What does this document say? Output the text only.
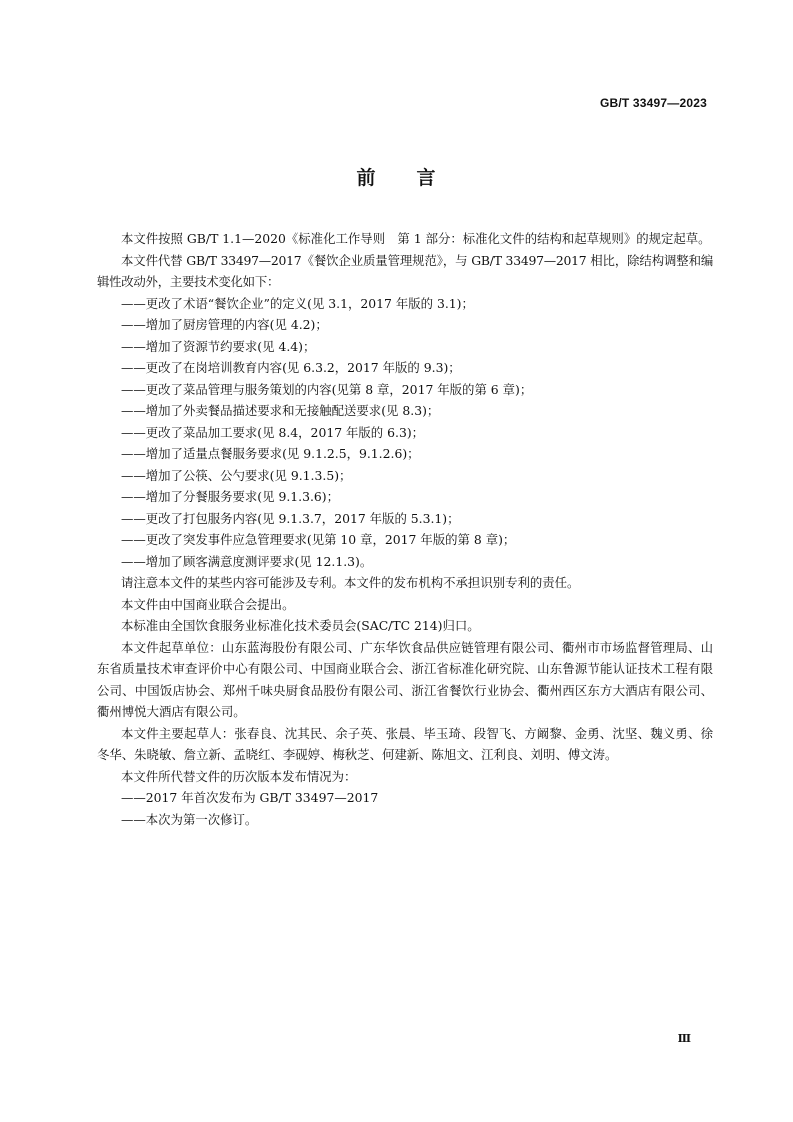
GB/T 33497—2023
前 言

本文件按照 GB/T 1.1—2020《标准化工作导则　第 1 部分：标准化文件的结构和起草规则》的规定起草。

本文件代替 GB/T 33497—2017《餐饮企业质量管理规范》，与 GB/T 33497—2017 相比，除结构调整和编辑性改动外，主要技术变化如下：

——更改了术语“餐饮企业”的定义(见 3.1，2017 年版的 3.1)；

——增加了厨房管理的内容(见 4.2)；

——增加了资源节约要求(见 4.4)；

——更改了在岗培训教育内容(见 6.3.2，2017 年版的 9.3)；

——更改了菜品管理与服务策划的内容(见第 8 章，2017 年版的第 6 章)；

——增加了外卖餐品描述要求和无接触配送要求(见 8.3)；

——更改了菜品加工要求(见 8.4，2017 年版的 6.3)；

——增加了适量点餐服务要求(见 9.1.2.5，9.1.2.6)；

——增加了公筷、公勺要求(见 9.1.3.5)；

——增加了分餐服务要求(见 9.1.3.6)；

——更改了打包服务内容(见 9.1.3.7，2017 年版的 5.3.1)；

——更改了突发事件应急管理要求(见第 10 章，2017 年版的第 8 章)；

——增加了顾客满意度测评要求(见 12.1.3)。

请注意本文件的某些内容可能涉及专利。本文件的发布机构不承担识别专利的责任。

本文件由中国商业联合会提出。

本标准由全国饮食服务业标准化技术委员会(SAC/TC 214)归口。

本文件起草单位：山东蓝海股份有限公司、广东华饮食品供应链管理有限公司、衢州市市场监督管理局、山东省质量技术审查评价中心有限公司、中国商业联合会、浙江省标准化研究院、山东鲁源节能认证技术工程有限公司、中国饭店协会、郑州千味央厨食品股份有限公司、浙江省餐饮行业协会、衢州西区东方大酒店有限公司、衢州博悦大酒店有限公司。

本文件主要起草人：张春良、沈其民、余子英、张晨、毕玉琦、段智飞、方阚黎、金勇、沈坚、魏义勇、徐冬华、朱晓敏、詹立新、孟晓红、李砚婷、梅秋芝、何建新、陈旭文、江利良、刘明、傅文涛。

本文件所代替文件的历次版本发布情况为：

——2017 年首次发布为 GB/T 33497—2017

——本次为第一次修订。

Ⅲ
